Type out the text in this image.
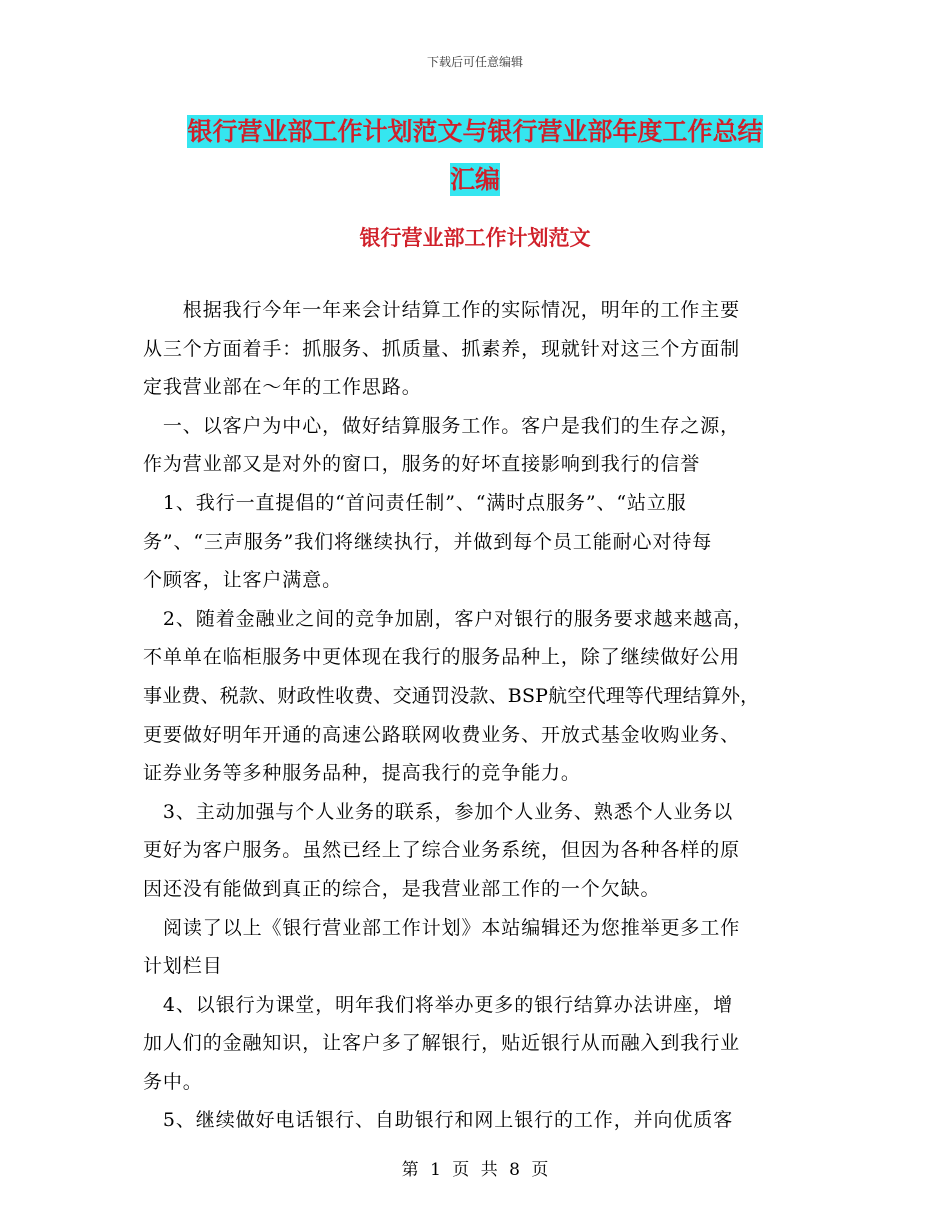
下载后可任意编辑
银行营业部工作计划范文与银行营业部年度工作总结
汇编
银行营业部工作计划范文
　　根据我行今年一年来会计结算工作的实际情况，明年的工作主要
从三个方面着手：抓服务、抓质量、抓素养，现就针对这三个方面制
定我营业部在～年的工作思路。
　一、以客户为中心，做好结算服务工作。客户是我们的生存之源，
作为营业部又是对外的窗口，服务的好坏直接影响到我行的信誉
　1、我行一直提倡的“首问责任制”、“满时点服务”、“站立服
务”、“三声服务”我们将继续执行，并做到每个员工能耐心对待每
个顾客，让客户满意。
　2、随着金融业之间的竞争加剧，客户对银行的服务要求越来越高，
不单单在临柜服务中更体现在我行的服务品种上，除了继续做好公用
事业费、税款、财政性收费、交通罚没款、BSP航空代理等代理结算外，
更要做好明年开通的高速公路联网收费业务、开放式基金收购业务、
证券业务等多种服务品种，提高我行的竞争能力。
　3、主动加强与个人业务的联系，参加个人业务、熟悉个人业务以
更好为客户服务。虽然已经上了综合业务系统，但因为各种各样的原
因还没有能做到真正的综合，是我营业部工作的一个欠缺。
阅读了以上《银行营业部工作计划》本站编辑还为您推举更多工作
计划栏目
　4、以银行为课堂，明年我们将举办更多的银行结算办法讲座，增
加人们的金融知识，让客户多了解银行，贴近银行从而融入到我行业
务中。
　5、继续做好电话银行、自助银行和网上银行的工作，并向优质客
第 1 页 共 8 页
